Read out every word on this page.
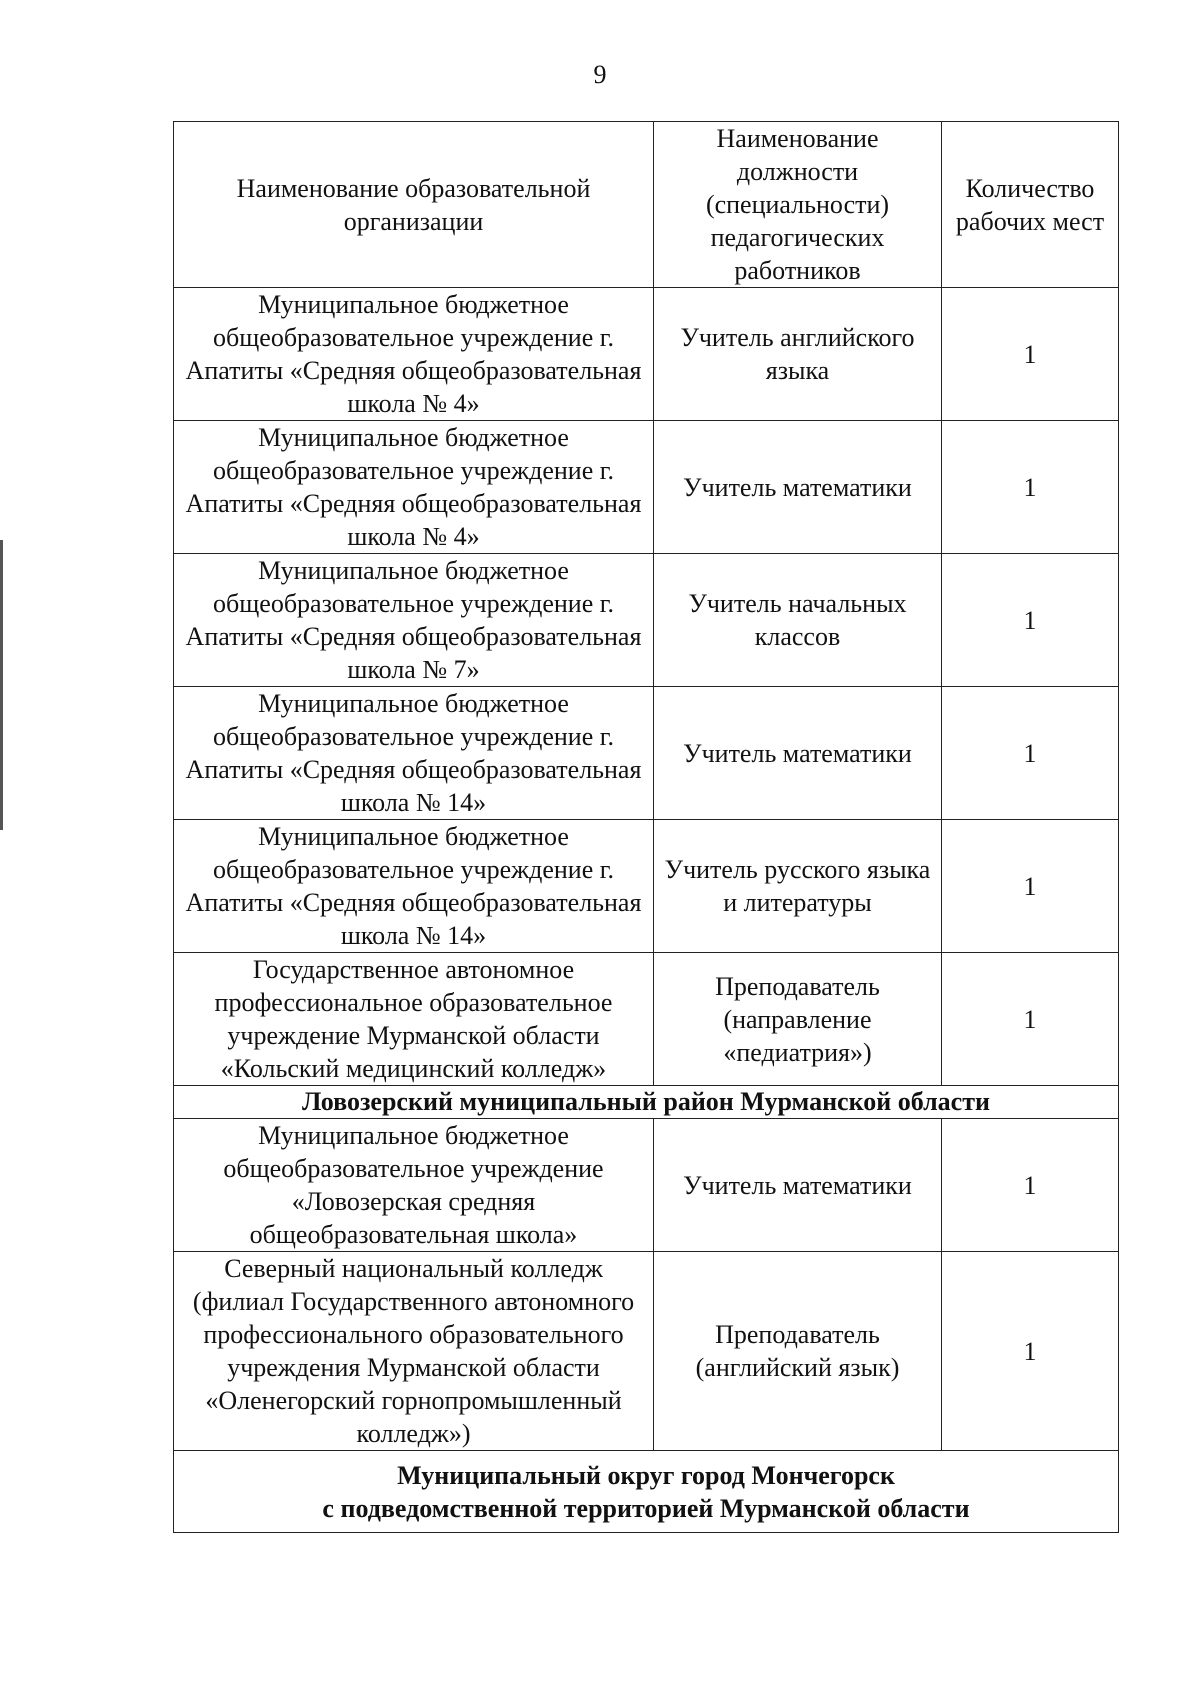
9
Наименование образовательной организации	Наименование должности (специальности) педагогических работников	Количество рабочих мест
Муниципальное бюджетное общеобразовательное учреждение г. Апатиты «Средняя общеобразовательная школа № 4»	Учитель английского языка	1
Муниципальное бюджетное общеобразовательное учреждение г. Апатиты «Средняя общеобразовательная школа № 4»	Учитель математики	1
Муниципальное бюджетное общеобразовательное учреждение г. Апатиты «Средняя общеобразовательная школа № 7»	Учитель начальных классов	1
Муниципальное бюджетное общеобразовательное учреждение г. Апатиты «Средняя общеобразовательная школа № 14»	Учитель математики	1
Муниципальное бюджетное общеобразовательное учреждение г. Апатиты «Средняя общеобразовательная школа № 14»	Учитель русского языка и литературы	1
Государственное автономное профессиональное образовательное учреждение Мурманской области «Кольский медицинский колледж»	Преподаватель (направление «педиатрия»)	1
Ловозерский муниципальный район Мурманской области		
Муниципальное бюджетное общеобразовательное учреждение «Ловозерская средняя общеобразовательная школа»	Учитель математики	1
Северный национальный колледж (филиал Государственного автономного профессионального образовательного учреждения Мурманской области «Оленегорский горнопромышленный колледж»)	Преподаватель (английский язык)	1
Муниципальный округ город Мончегорск
с подведомственной территорией Мурманской области		
